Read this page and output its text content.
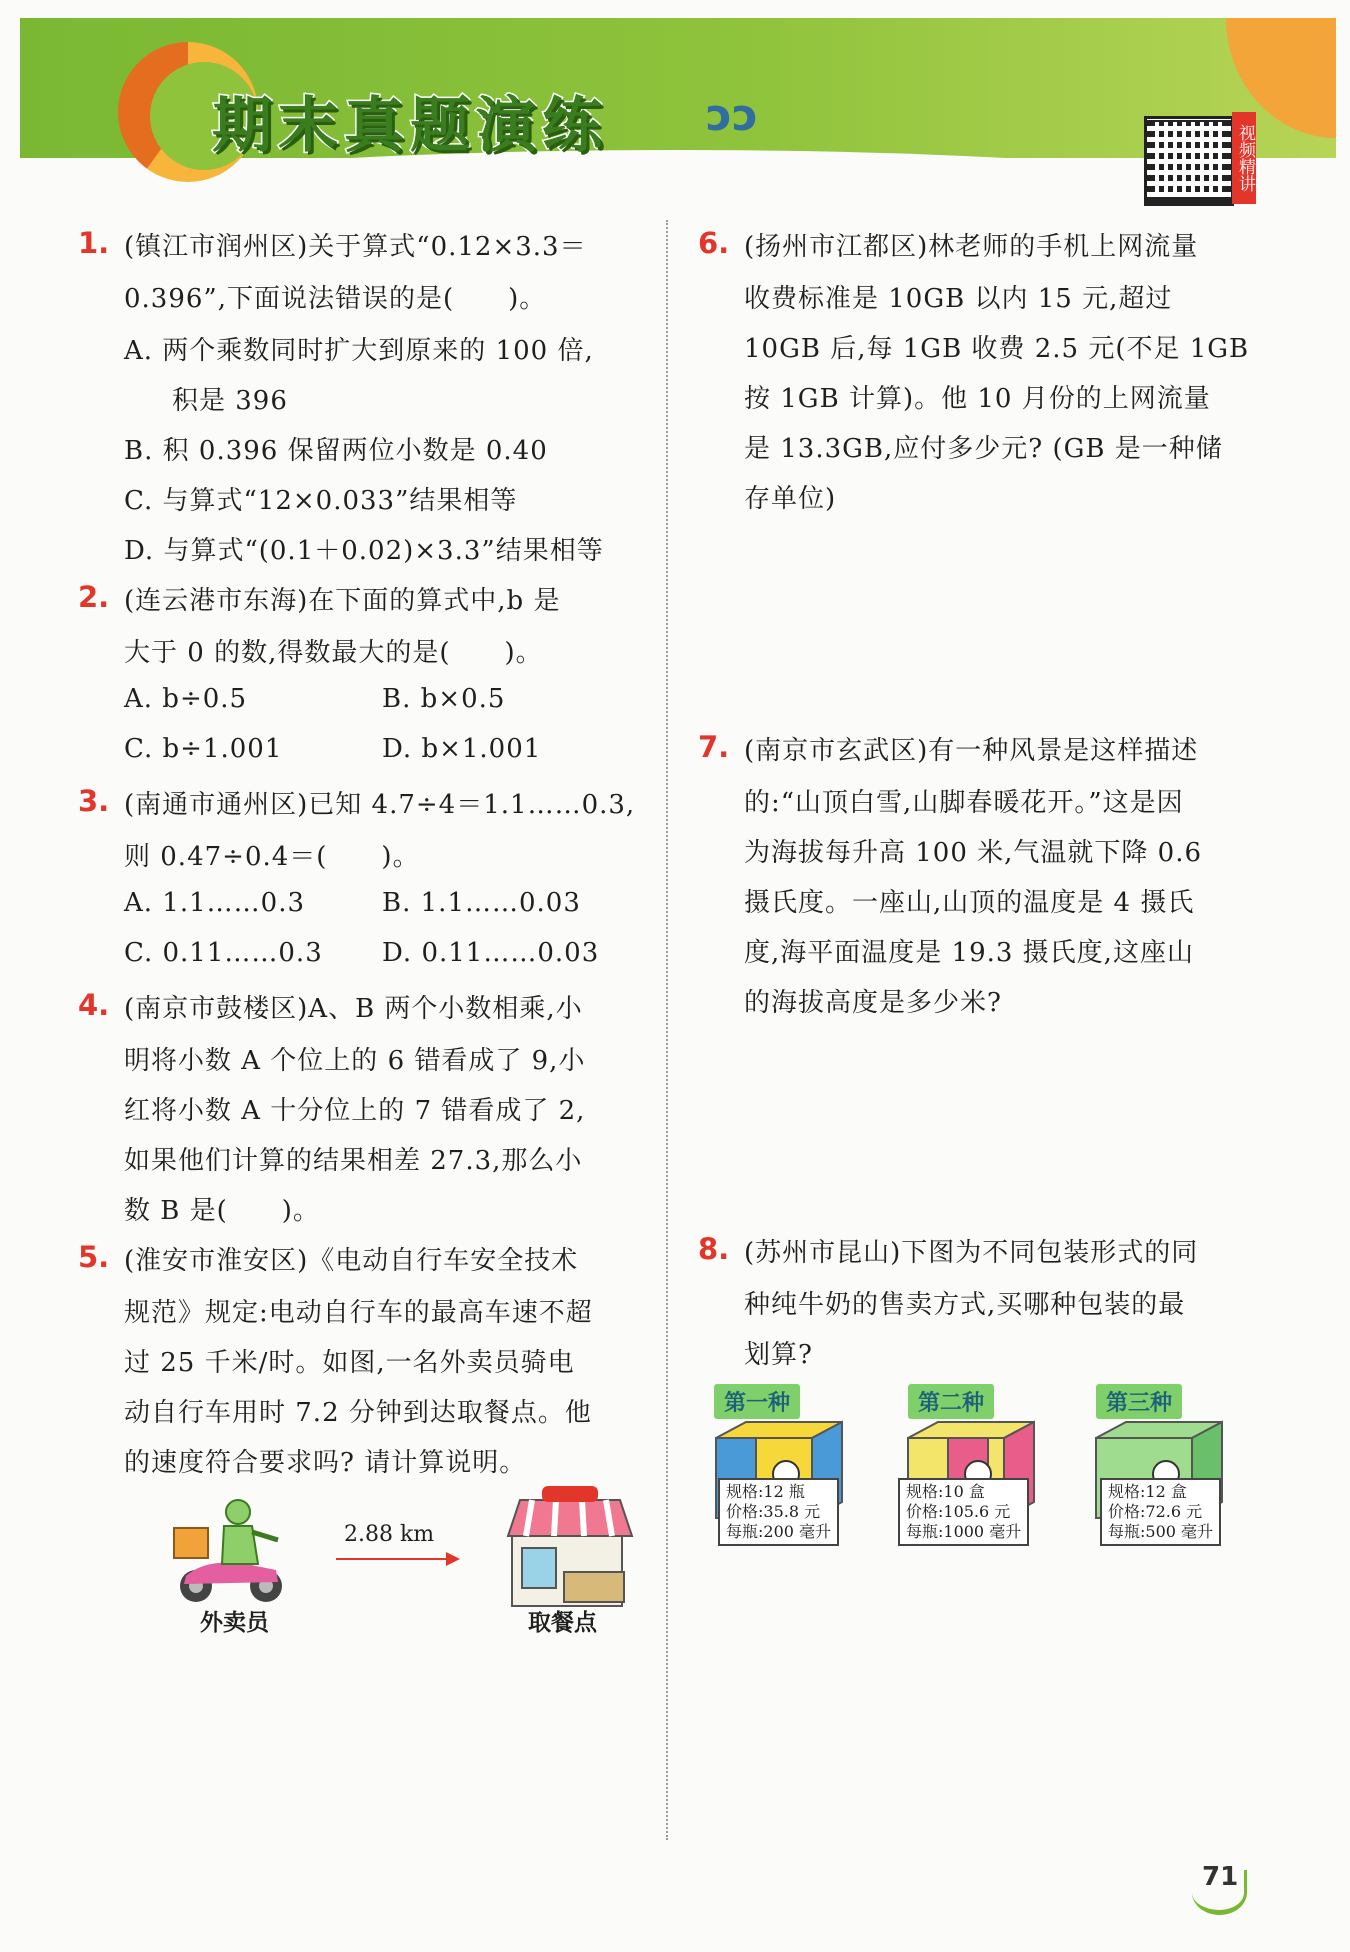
期末真题演练 ↄↄ
视频精讲
1. (镇江市润州区)关于算式“0.12×3.3＝
0.396”,下面说法错误的是(　　)。
A. 两个乘数同时扩大到原来的 100 倍,
积是 396
B. 积 0.396 保留两位小数是 0.40
C. 与算式“12×0.033”结果相等
D. 与算式“(0.1＋0.02)×3.3”结果相等
2. (连云港市东海)在下面的算式中,b 是
大于 0 的数,得数最大的是(　　)。
A. b÷0.5	B. b×0.5
C. b÷1.001	D. b×1.001
3. (南通市通州区)已知 4.7÷4＝1.1……0.3,
则 0.47÷0.4＝(　　)。
A. 1.1……0.3	B. 1.1……0.03
C. 0.11……0.3 D. 0.11……0.03
4. (南京市鼓楼区)A、B 两个小数相乘,小
明将小数 A 个位上的 6 错看成了 9,小
红将小数 A 十分位上的 7 错看成了 2,
如果他们计算的结果相差 27.3,那么小
数 B 是(　　)。
5. (淮安市淮安区)《电动自行车安全技术
规范》规定:电动自行车的最高车速不超
过 25 千米/时。如图,一名外卖员骑电
动自行车用时 7.2 分钟到达取餐点。他
的速度符合要求吗? 请计算说明。
2.88 km
外卖员	取餐点
6. (扬州市江都区)林老师的手机上网流量
收费标准是 10GB 以内 15 元,超过
10GB 后,每 1GB 收费 2.5 元(不足 1GB
按 1GB 计算)。他 10 月份的上网流量
是 13.3GB,应付多少元? (GB 是一种储
存单位)
7. (南京市玄武区)有一种风景是这样描述
的:“山顶白雪,山脚春暖花开。”这是因
为海拔每升高 100 米,气温就下降 0.6
摄氏度。一座山,山顶的温度是 4 摄氏
度,海平面温度是 19.3 摄氏度,这座山
的海拔高度是多少米?
8. (苏州市昆山)下图为不同包装形式的同
种纯牛奶的售卖方式,买哪种包装的最
划算?
第一种
规格:12 瓶
价格:35.8 元
每瓶:200 毫升
第二种
规格:10 盒
价格:105.6 元
每瓶:1000 毫升
第三种
规格:12 盒
价格:72.6 元
每瓶:500 毫升
71
